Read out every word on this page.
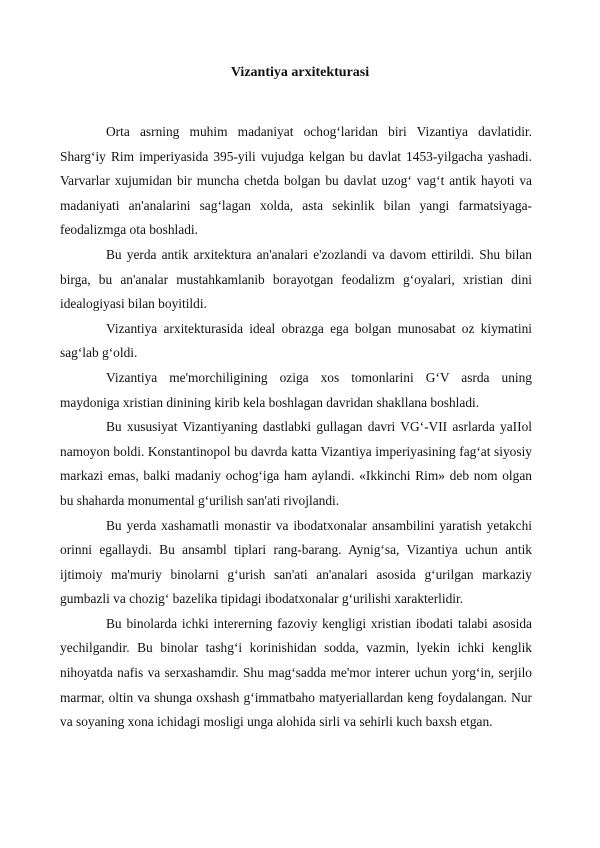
Vizantiya arxitekturasi

Orta asrning muhim madaniyat ochog‘laridan biri Vizantiya davlatidir. Sharg‘iy Rim imperiyasida 395-yili vujudga kelgan bu davlat 1453-yilgacha yashadi. Varvarlar xujumidan bir muncha chetda bolgan bu davlat uzog‘ vag‘t antik hayoti va madaniyati an'analarini sag‘lagan xolda, asta sekinlik bilan yangi farmatsiyaga-feodalizmga ota boshladi.

Bu yerda antik arxitektura an'analari e'zozlandi va davom ettirildi. Shu bilan birga, bu an'analar mustahkamlanib borayotgan feodalizm g‘oyalari, xristian dini idealogiyasi bilan boyitildi.

Vizantiya arxitekturasida ideal obrazga ega bolgan munosabat oz kiymatini sag‘lab g‘oldi.

Vizantiya me'morchiligining oziga xos tomonlarini G‘V asrda uning maydoniga xristian dinining kirib kela boshlagan davridan shakllana boshladi.

Bu xususiyat Vizantiyaning dastlabki gullagan davri VG‘-VII asrlarda yaIIol namoyon boldi. Konstantinopol bu davrda katta Vizantiya imperiyasining fag‘at siyosiy markazi emas, balki madaniy ochog‘iga ham aylandi. «Ikkinchi Rim» deb nom olgan bu shaharda monumental g‘urilish san'ati rivojlandi.

Bu yerda xashamatli monastir va ibodatxonalar ansambilini yaratish yetakchi orinni egallaydi. Bu ansambl tiplari rang-barang. Aynig‘sa, Vizantiya uchun antik ijtimoiy ma'muriy binolarni g‘urish san'ati an'analari asosida g‘urilgan markaziy gumbazli va chozig‘ bazelika tipidagi ibodatxonalar g‘urilishi xarakterlidir.

Bu binolarda ichki intererning fazoviy kengligi xristian ibodati talabi asosida yechilgandir. Bu binolar tashg‘i korinishidan sodda, vazmin, lyekin ichki kenglik nihoyatda nafis va serxashamdir. Shu mag‘sadda me'mor interer uchun yorg‘in, serjilo marmar, oltin va shunga oxshash g‘immatbaho matyeriallardan keng foydalangan. Nur va soyaning xona ichidagi mosligi unga alohida sirli va sehirli kuch baxsh etgan.
